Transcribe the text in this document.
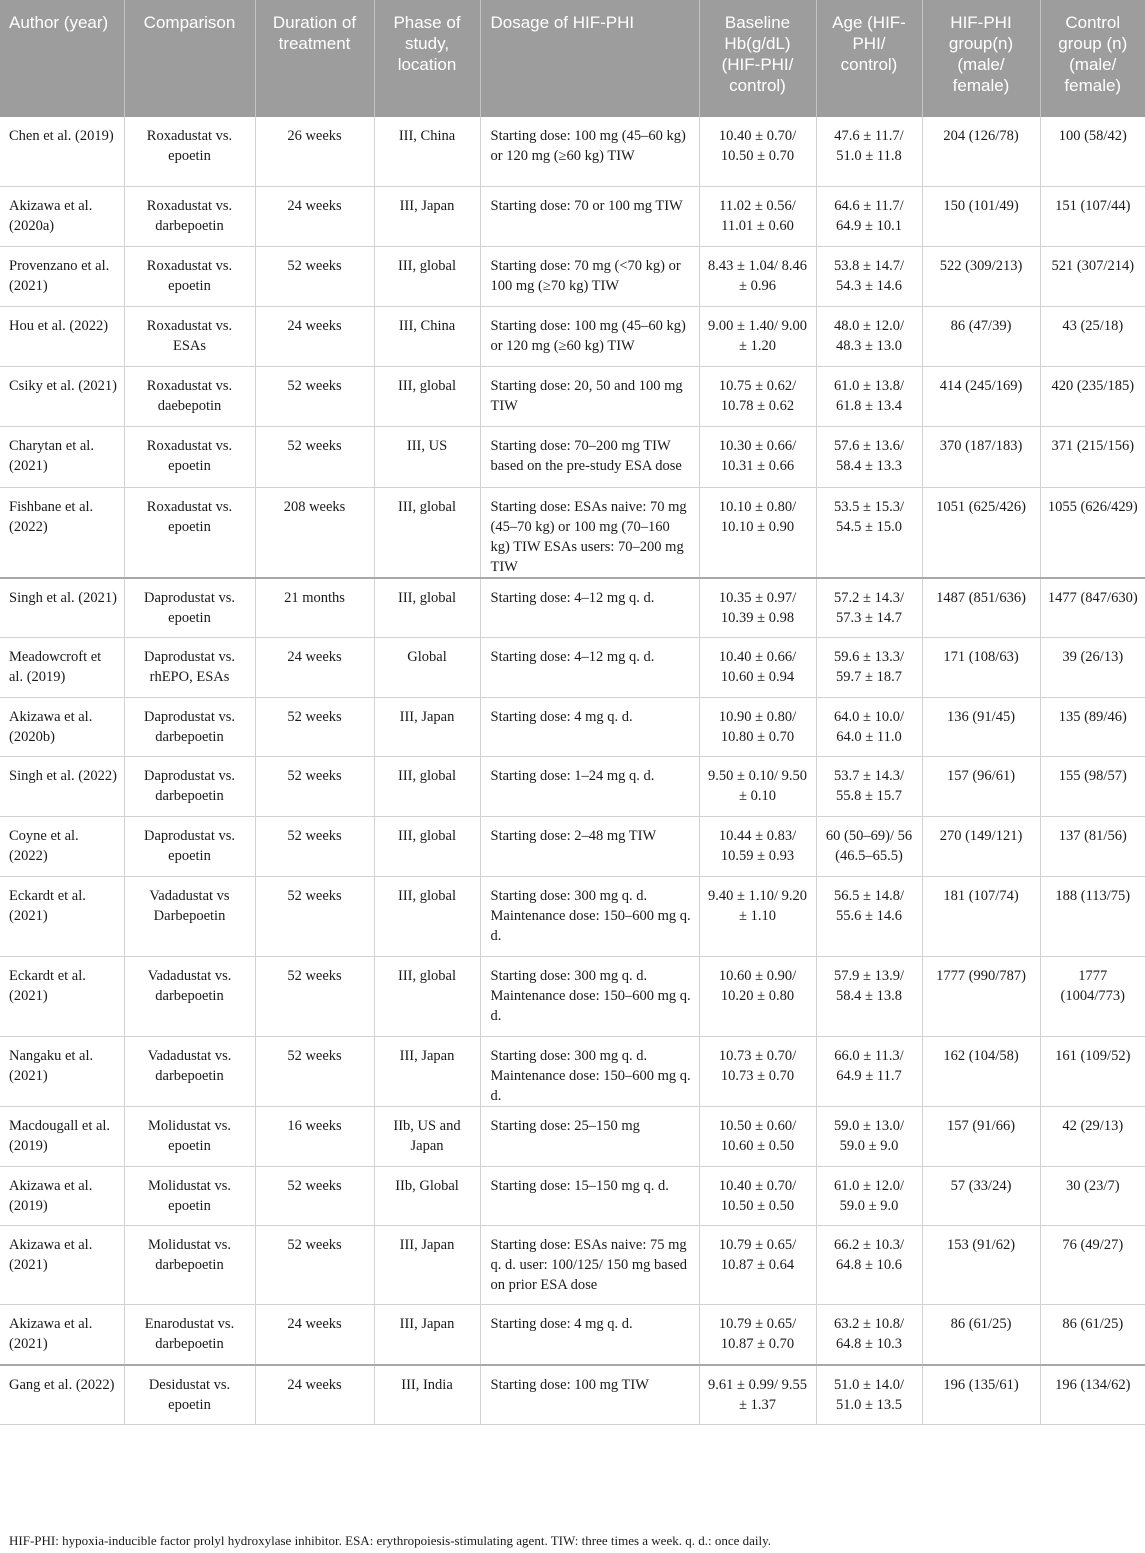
Author (year)	Comparison	Duration of treatment	Phase of study, location	Dosage of HIF-PHI	Baseline Hb(g/dL) (HIF-PHI/ control)	Age (HIF-PHI/ control)	HIF-PHI group(n) (male/ female)	Control group (n) (male/ female)
Chen et al. (2019)	Roxadustat vs. epoetin	26 weeks	III, China	Starting dose: 100 mg (45–60 kg) or 120 mg (≥60 kg) TIW	10.40 ± 0.70/ 10.50 ± 0.70	47.6 ± 11.7/ 51.0 ± 11.8	204 (126/78)	100 (58/42)
Akizawa et al. (2020a)	Roxadustat vs. darbepoetin	24 weeks	III, Japan	Starting dose: 70 or 100 mg TIW	11.02 ± 0.56/ 11.01 ± 0.60	64.6 ± 11.7/ 64.9 ± 10.1	150 (101/49)	151 (107/44)
Provenzano et al. (2021)	Roxadustat vs. epoetin	52 weeks	III, global	Starting dose: 70 mg (<70 kg) or 100 mg (≥70 kg) TIW	8.43 ± 1.04/ 8.46 ± 0.96	53.8 ± 14.7/ 54.3 ± 14.6	522 (309/213)	521 (307/214)
Hou et al. (2022)	Roxadustat vs. ESAs	24 weeks	III, China	Starting dose: 100 mg (45–60 kg) or 120 mg (≥60 kg) TIW	9.00 ± 1.40/ 9.00 ± 1.20	48.0 ± 12.0/ 48.3 ± 13.0	86 (47/39)	43 (25/18)
Csiky et al. (2021)	Roxadustat vs. daebepotin	52 weeks	III, global	Starting dose: 20, 50 and 100 mg TIW	10.75 ± 0.62/ 10.78 ± 0.62	61.0 ± 13.8/ 61.8 ± 13.4	414 (245/169)	420 (235/185)
Charytan et al. (2021)	Roxadustat vs. epoetin	52 weeks	III, US	Starting dose: 70–200 mg TIW based on the pre-study ESA dose	10.30 ± 0.66/ 10.31 ± 0.66	57.6 ± 13.6/ 58.4 ± 13.3	370 (187/183)	371 (215/156)
Fishbane et al. (2022)	Roxadustat vs. epoetin	208 weeks	III, global	Starting dose: ESAs naive: 70 mg (45–70 kg) or 100 mg (70–160 kg) TIW ESAs users: 70–200 mg TIW	10.10 ± 0.80/ 10.10 ± 0.90	53.5 ± 15.3/ 54.5 ± 15.0	1051 (625/426)	1055 (626/429)
Singh et al. (2021)	Daprodustat vs. epoetin	21 months	III, global	Starting dose: 4–12 mg q. d.	10.35 ± 0.97/ 10.39 ± 0.98	57.2 ± 14.3/ 57.3 ± 14.7	1487 (851/636)	1477 (847/630)
Meadowcroft et al. (2019)	Daprodustat vs. rhEPO, ESAs	24 weeks	Global	Starting dose: 4–12 mg q. d.	10.40 ± 0.66/ 10.60 ± 0.94	59.6 ± 13.3/ 59.7 ± 18.7	171 (108/63)	39 (26/13)
Akizawa et al. (2020b)	Daprodustat vs. darbepoetin	52 weeks	III, Japan	Starting dose: 4 mg q. d.	10.90 ± 0.80/ 10.80 ± 0.70	64.0 ± 10.0/ 64.0 ± 11.0	136 (91/45)	135 (89/46)
Singh et al. (2022)	Daprodustat vs. darbepoetin	52 weeks	III, global	Starting dose: 1–24 mg q. d.	9.50 ± 0.10/ 9.50 ± 0.10	53.7 ± 14.3/ 55.8 ± 15.7	157 (96/61)	155 (98/57)
Coyne et al. (2022)	Daprodustat vs. epoetin	52 weeks	III, global	Starting dose: 2–48 mg TIW	10.44 ± 0.83/ 10.59 ± 0.93	60 (50–69)/ 56 (46.5–65.5)	270 (149/121)	137 (81/56)
Eckardt et al. (2021)	Vadadustat vs Darbepoetin	52 weeks	III, global	Starting dose: 300 mg q. d. Maintenance dose: 150–600 mg q. d.	9.40 ± 1.10/ 9.20 ± 1.10	56.5 ± 14.8/ 55.6 ± 14.6	181 (107/74)	188 (113/75)
Eckardt et al. (2021)	Vadadustat vs. darbepoetin	52 weeks	III, global	Starting dose: 300 mg q. d. Maintenance dose: 150–600 mg q. d.	10.60 ± 0.90/ 10.20 ± 0.80	57.9 ± 13.9/ 58.4 ± 13.8	1777 (990/787)	1777 (1004/773)
Nangaku et al. (2021)	Vadadustat vs. darbepoetin	52 weeks	III, Japan	Starting dose: 300 mg q. d. Maintenance dose: 150–600 mg q. d.	10.73 ± 0.70/ 10.73 ± 0.70	66.0 ± 11.3/ 64.9 ± 11.7	162 (104/58)	161 (109/52)
Macdougall et al. (2019)	Molidustat vs. epoetin	16 weeks	IIb, US and Japan	Starting dose: 25–150 mg	10.50 ± 0.60/ 10.60 ± 0.50	59.0 ± 13.0/ 59.0 ± 9.0	157 (91/66)	42 (29/13)
Akizawa et al. (2019)	Molidustat vs. epoetin	52 weeks	IIb, Global	Starting dose: 15–150 mg q. d.	10.40 ± 0.70/ 10.50 ± 0.50	61.0 ± 12.0/ 59.0 ± 9.0	57 (33/24)	30 (23/7)
Akizawa et al. (2021)	Molidustat vs. darbepoetin	52 weeks	III, Japan	Starting dose: ESAs naive: 75 mg q. d. user: 100/125/ 150 mg based on prior ESA dose	10.79 ± 0.65/ 10.87 ± 0.64	66.2 ± 10.3/ 64.8 ± 10.6	153 (91/62)	76 (49/27)
Akizawa et al. (2021)	Enarodustat vs. darbepoetin	24 weeks	III, Japan	Starting dose: 4 mg q. d.	10.79 ± 0.65/ 10.87 ± 0.70	63.2 ± 10.8/ 64.8 ± 10.3	86 (61/25)	86 (61/25)
Gang et al. (2022)	Desidustat vs. epoetin	24 weeks	III, India	Starting dose: 100 mg TIW	9.61 ± 0.99/ 9.55 ± 1.37	51.0 ± 14.0/ 51.0 ± 13.5	196 (135/61)	196 (134/62)
HIF-PHI: hypoxia-inducible factor prolyl hydroxylase inhibitor. ESA: erythropoiesis-stimulating agent. TIW: three times a week. q. d.: once daily.
